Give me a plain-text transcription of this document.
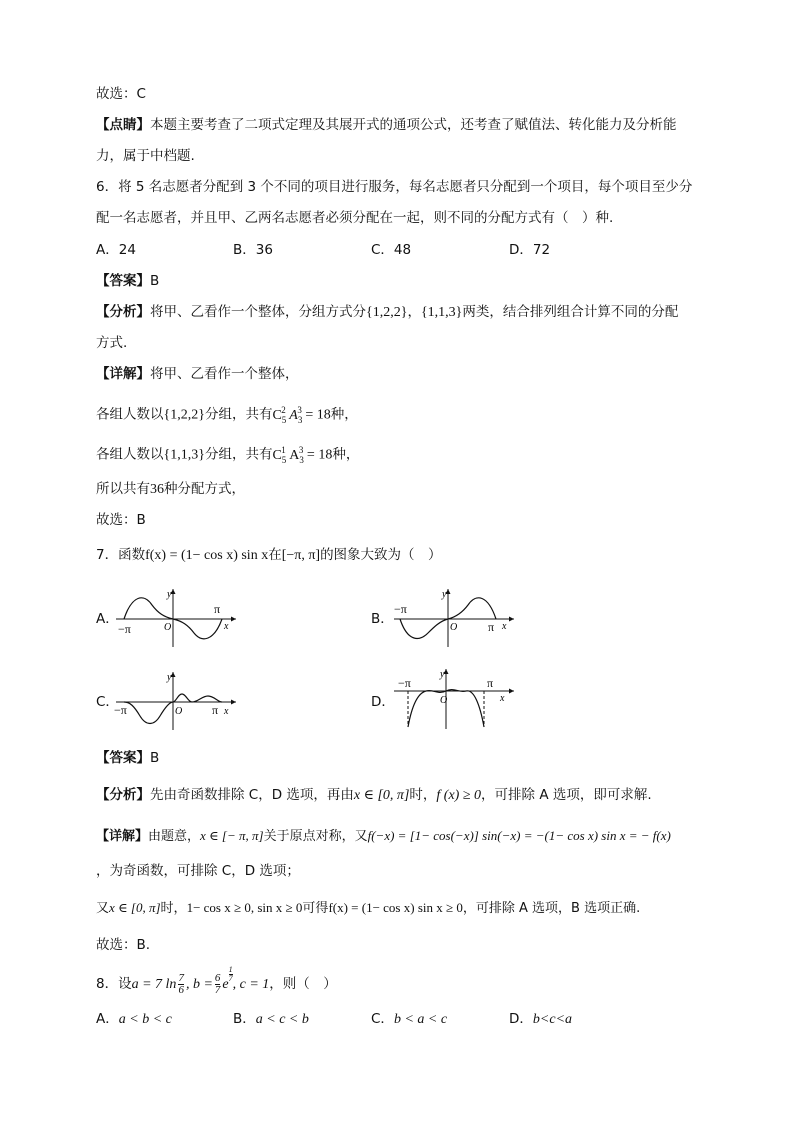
故选：C
【点睛】本题主要考查了二项式定理及其展开式的通项公式，还考查了赋值法、转化能力及分析能
力，属于中档题.
6．将 5 名志愿者分配到 3 个不同的项目进行服务，每名志愿者只分配到一个项目，每个项目至少分
配一名志愿者，并且甲、乙两名志愿者必须分配在一起，则不同的分配方式有（　）种.
A．24	B．36	C．48	D．72
【答案】B
【分析】将甲、乙看作一个整体，分组方式分{1,2,2}，{1,1,3}两类，结合排列组合计算不同的分配
方式.
【详解】将甲、乙看作一个整体，
各组人数以{1,2,2}分组，共有$C_5^2$ $A_3^3 = 18$种，
各组人数以{1,1,3}分组，共有$C_5^1$ $A_3^3 = 18$种，
所以共有36种分配方式，
故选：B
7．函数f(x) = (1− cos x) sin x在[−π, π]的图象大致为（　）
A．
y
x
O
π
−π
B．
y
x
O	π
−π
C．
y
x
O π
−π	D．
y
x
O
π
−π
【答案】B
【分析】先由奇函数排除 C，D 选项，再由x ∈ [0, π]时，f (x) ≥ 0，可排除 A 选项，即可求解.
【详解】由题意，x ∈ [− π, π]关于原点对称，又f(−x) = [1− cos(−x)] sin(−x) = −(1− cos x) sin x = − f(x)
，为奇函数，可排除 C，D 选项；
又x ∈ [0, π]时，1− cos x ≥ 0, sin x ≥ 0可得f(x) = (1− cos x) sin x ≥ 0，可排除 A 选项，B 选项正确.
故选：B.
8．设a = 7 $\ln \frac{7}{6}$ , $b = \frac{6}{7}$ e
$\frac{1}{7}$
, c = 1，则（　）
A．a < b < c	B．a < c < b	C．b < a < c	D．b<c<a
